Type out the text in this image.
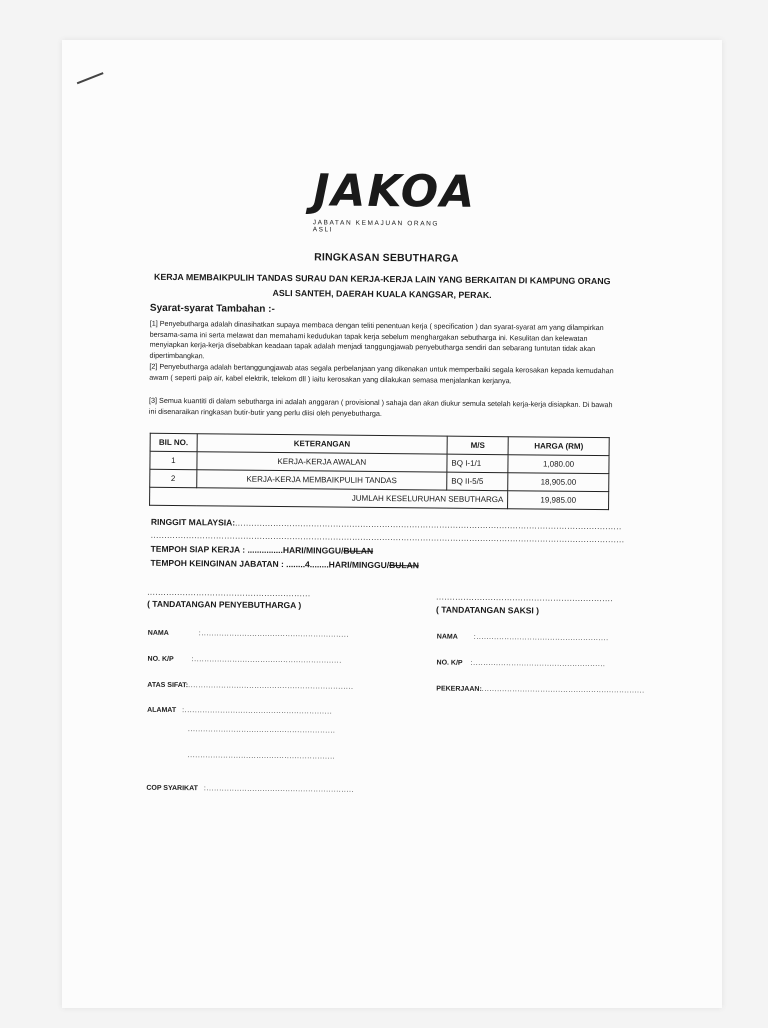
JAKOA
JABATAN KEMAJUAN ORANG ASLI
RINGKASAN SEBUTHARGA
KERJA MEMBAIKPULIH TANDAS SURAU DAN KERJA-KERJA LAIN YANG BERKAITAN DI KAMPUNG ORANG ASLI SANTEH, DAERAH KUALA KANGSAR, PERAK.
Syarat-syarat Tambahan :-
[1] Penyebutharga adalah dinasihatkan supaya membaca dengan teliti penentuan kerja ( specification ) dan syarat-syarat am yang dilampirkan bersama-sama ini serta melawat dan memahami kedudukan tapak kerja sebelum menghargakan sebutharga ini. Kesulitan dan kelewatan menyiapkan kerja-kerja disebabkan keadaan tapak adalah menjadi tanggungjawab penyebutharga sendiri dan sebarang tuntutan tidak akan dipertimbangkan.
[2] Penyebutharga adalah bertanggungjawab atas segala perbelanjaan yang dikenakan untuk memperbaiki segala kerosakan kepada kemudahan awam ( seperti paip air, kabel elektrik, telekom dll ) iaitu kerosakan yang dilakukan semasa menjalankan kerjanya.
[3] Semua kuantiti di dalam sebutharga ini adalah anggaran ( provisional ) sahaja dan akan diukur semula setelah kerja-kerja disiapkan. Di bawah ini disenaraikan ringkasan butir-butir yang perlu diisi oleh penyebutharga.
BIL NO.	KETERANGAN	M/S	HARGA (RM)
1	KERJA-KERJA AWALAN	BQ I-1/1	1,080.00
2	KERJA-KERJA MEMBAIKPULIH TANDAS	BQ II-5/5	18,905.00
JUMLAH KESELURUHAN SEBUTHARGA			19,985.00
RINGGIT MALAYSIA:..............................................................................................................................................
..............................................................................................................................................................................
TEMPOH SIAP KERJA : ...............HARI/MINGGU/BULAN
TEMPOH KEINGINAN JABATAN : ........4........HARI/MINGGU/BULAN
............................................................
( TANDATANGAN PENYEBUTHARGA )
.................................................................
( TANDATANGAN SAKSI )
NAMA	:..........................................................
NO. K/P	:..........................................................
ATAS SIFAT:.................................................................
ALAMAT :..........................................................
..........................................................
..........................................................
COP SYARIKAT :..........................................................
NAMA :....................................................
NO. K/P :....................................................
PEKERJAAN:................................................................
